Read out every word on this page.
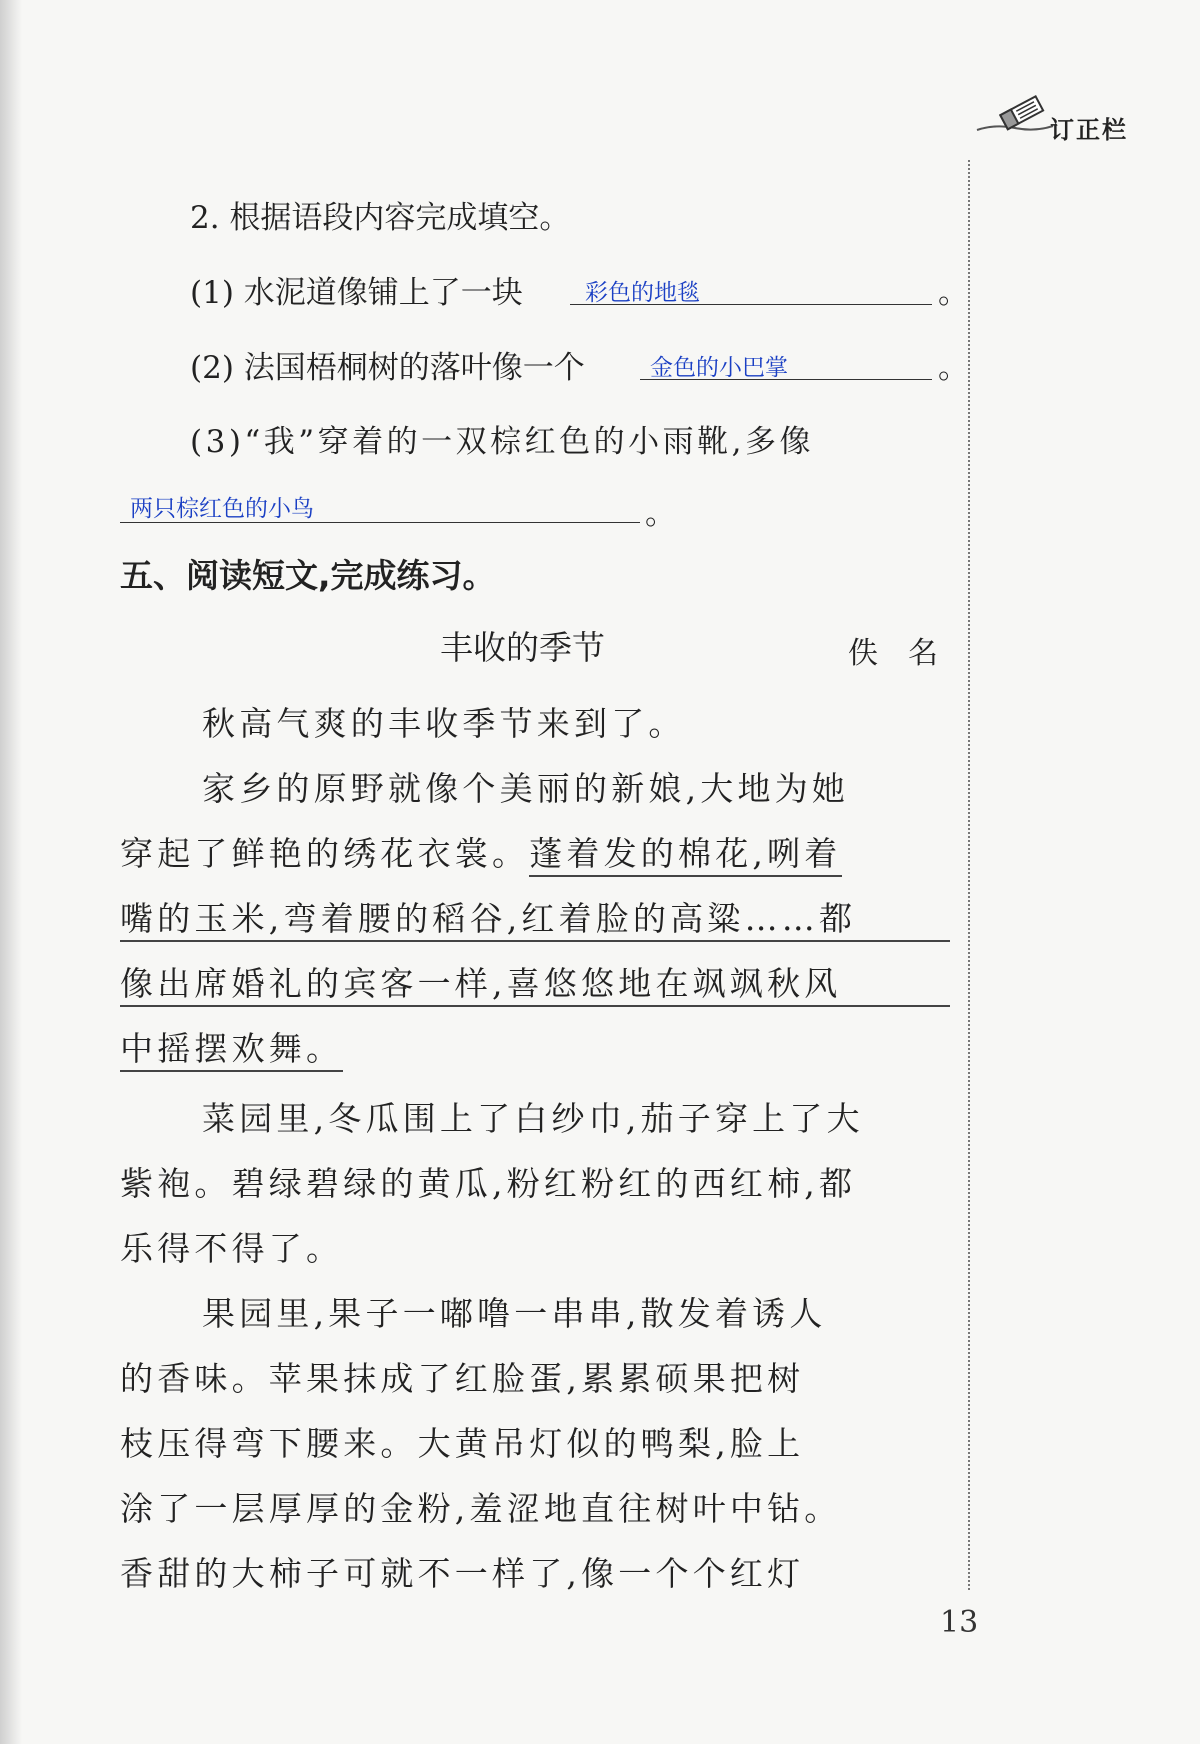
订正栏
2. 根据语段内容完成填空。
(1) 水泥道像铺上了一块	彩色的地毯	。
(2) 法国梧桐树的落叶像一个	金色的小巴掌	。
(3)“我”穿着的一双棕红色的小雨靴,多像
两只棕红色的小鸟	。
五、阅读短文,完成练习。
丰收的季节	佚　名
秋高气爽的丰收季节来到了。
家乡的原野就像个美丽的新娘,大地为她
穿起了鲜艳的绣花衣裳。蓬着发的棉花,咧着
嘴的玉米,弯着腰的稻谷,红着脸的高粱……都
像出席婚礼的宾客一样,喜悠悠地在飒飒秋风
中摇摆欢舞。
菜园里,冬瓜围上了白纱巾,茄子穿上了大
紫袍。碧绿碧绿的黄瓜,粉红粉红的西红柿,都
乐得不得了。
果园里,果子一嘟噜一串串,散发着诱人
的香味。苹果抹成了红脸蛋,累累硕果把树
枝压得弯下腰来。大黄吊灯似的鸭梨,脸上
涂了一层厚厚的金粉,羞涩地直往树叶中钻。
香甜的大柿子可就不一样了,像一个个红灯
13
